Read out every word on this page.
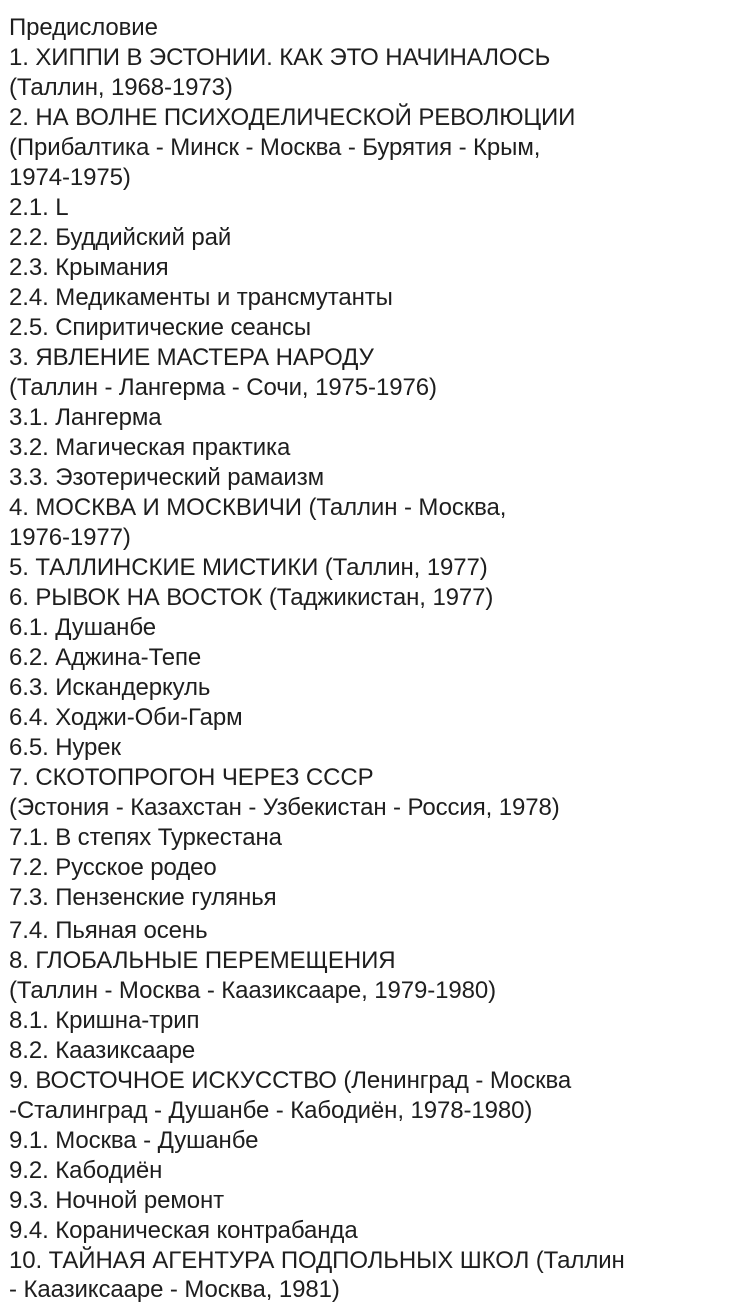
Предисловие
1. ХИППИ В ЭСТОНИИ. КАК ЭТО НАЧИНАЛОСЬ
(Таллин, 1968-1973)
2. НА ВОЛНЕ ПСИХОДЕЛИЧЕСКОЙ РЕВОЛЮЦИИ
(Прибалтика - Минск - Москва - Бурятия - Крым,
1974-1975)
2.1. L
2.2. Буддийский рай
2.3. Крымания
2.4. Медикаменты и трансмутанты
2.5. Спиритические сеансы
3. ЯВЛЕНИЕ МАСТЕРА НАРОДУ
(Таллин - Лангерма - Сочи, 1975-1976)
3.1. Лангерма
3.2. Магическая практика
3.3. Эзотерический рамаизм
4. МОСКВА И МОСКВИЧИ (Таллин - Москва,
1976-1977)
5. ТАЛЛИНСКИЕ МИСТИКИ (Таллин, 1977)
6. РЫВОК НА ВОСТОК (Таджикистан, 1977)
6.1. Душанбе
6.2. Аджина-Тепе
6.3. Искандеркуль
6.4. Ходжи-Оби-Гарм
6.5. Нурек
7. СКОТОПРОГОН ЧЕРЕЗ СССР
(Эстония - Казахстан - Узбекистан - Россия, 1978)
7.1. В степях Туркестана
7.2. Русское родео
7.3. Пензенские гулянья
7.4. Пьяная осень
8. ГЛОБАЛЬНЫЕ ПЕРЕМЕЩЕНИЯ
(Таллин - Москва - Каазиксааре, 1979-1980)
8.1. Кришна-трип
8.2. Каазиксааре
9. ВОСТОЧНОЕ ИСКУССТВО (Ленинград - Москва
-Сталинград - Душанбе - Кабодиён, 1978-1980)
9.1. Москва - Душанбе
9.2. Кабодиён
9.3. Ночной ремонт
9.4. Кораническая контрабанда
10. ТАЙНАЯ АГЕНТУРА ПОДПОЛЬНЫХ ШКОЛ (Таллин
- Каазиксааре - Москва, 1981)
